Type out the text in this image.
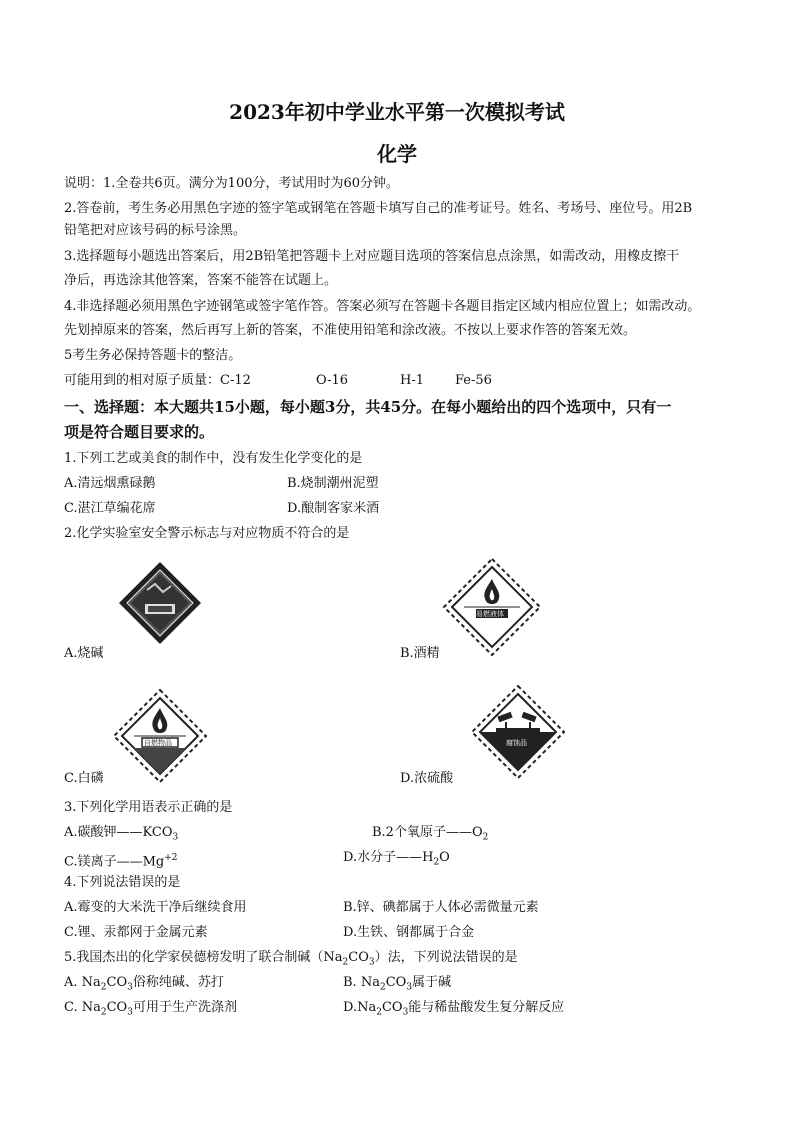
2023年初中学业水平第一次模拟考试
化学
说明：1.全卷共6页。满分为100分，考试用时为60分钟。
2.答卷前，考生务必用黑色字迹的签字笔或钢笔在答题卡填写自己的准考证号。姓名、考场号、座位号。用2B
铅笔把对应该号码的标号涂黑。
3.选择题每小题选出答案后，用2B铅笔把答题卡上对应题目选项的答案信息点涂黑，如需改动，用橡皮擦干
净后，再选涂其他答案，答案不能答在试题上。
4.非选择题必须用黑色字迹钢笔或签字笔作答。答案必须写在答题卡各题目指定区域内相应位置上；如需改动。
先划掉原来的答案，然后再写上新的答案，不准使用铅笔和涂改液。不按以上要求作答的答案无效。
5考生务必保持答题卡的整洁。
可能用到的相对原子质量：C-12	O-16	H-1 Fe-56
一、选择题：本大题共15小题，每小题3分，共45分。在每小题给出的四个选项中，只有一
项是符合题目要求的。
1.下列工艺或美食的制作中，没有发生化学变化的是
A.清远烟熏碌鹅	B.烧制潮州泥塑
C.湛江草编花席	D.酿制客家米酒
2.化学实验室安全警示标志与对应物质不符合的是
易燃液体
A.烧碱	B.酒精
自燃物品	腐蚀品
C.白磷	D.浓硫酸
3.下列化学用语表示正确的是
A.碳酸钾$——KCO_3$	B.2个氧原子$——O_2$
C.镁离子$——Mg^{+2}$	D.水分子$——H_2O$
4.下列说法错误的是
A.霉变的大米洗干净后继续食用	B.锌、碘都属于人体必需微量元素
C.锂、汞都网于金属元素	D.生铁、钢都属于合金
5.我国杰出的化学家侯德榜发明了联合制碱$(Na_2CO_3)$法，下列说法错误的是
A. $Na_2CO_3$俗称纯碱、苏打	B. $Na_2CO_3$属于碱
C. $Na_2CO_3$可用于生产洗涤剂	$D.Na_2CO_3$能与稀盐酸发生复分解反应
